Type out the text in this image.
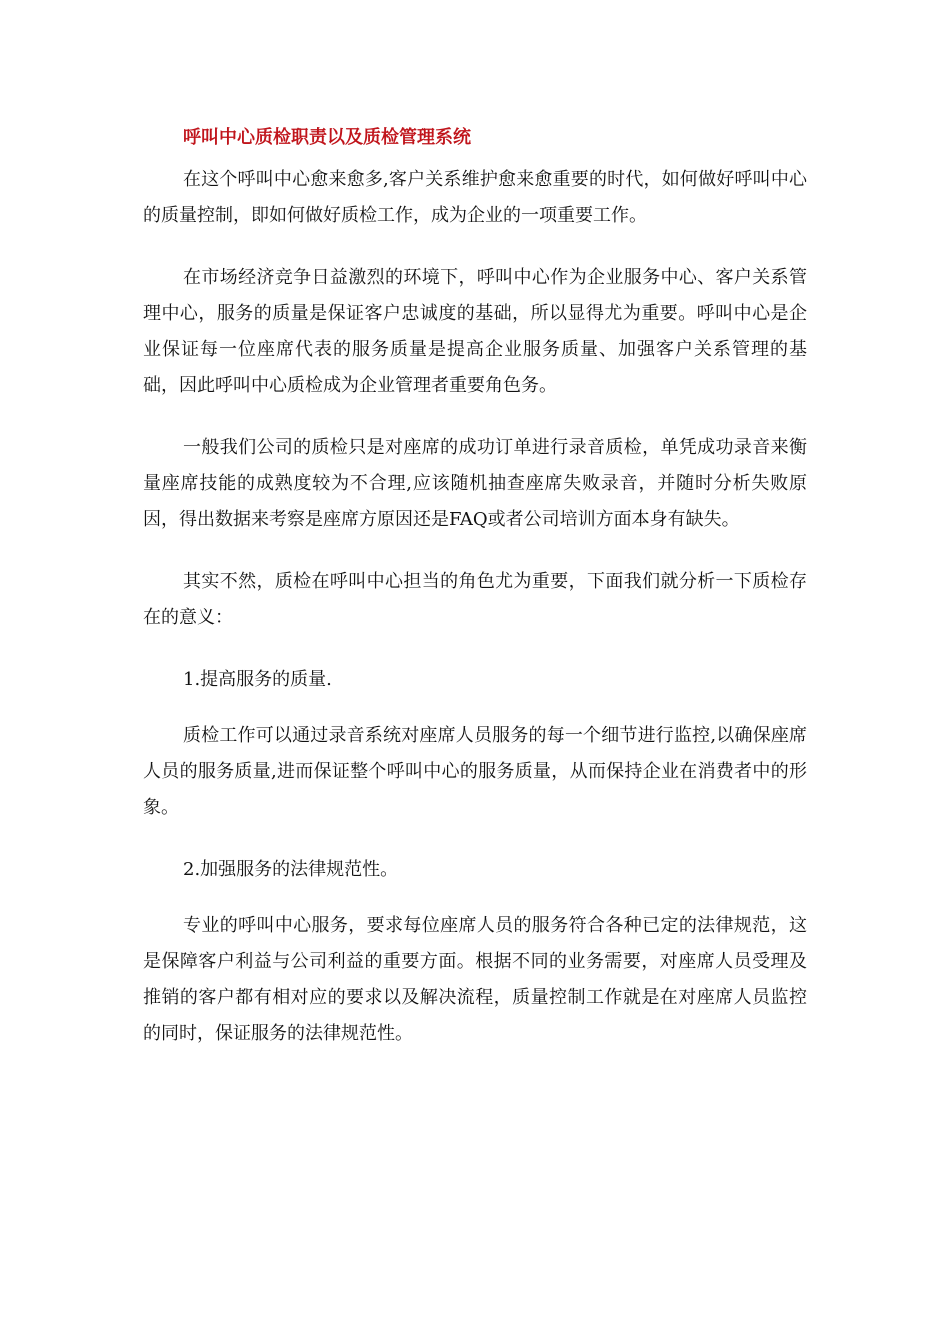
呼叫中心质检职责以及质检管理系统

在这个呼叫中心愈来愈多,客户关系维护愈来愈重要的时代，如何做好呼叫中心的质量控制，即如何做好质检工作，成为企业的一项重要工作。

在市场经济竞争日益激烈的环境下，呼叫中心作为企业服务中心、客户关系管理中心，服务的质量是保证客户忠诚度的基础，所以显得尤为重要。呼叫中心是企业保证每一位座席代表的服务质量是提高企业服务质量、加强客户关系管理的基础，因此呼叫中心质检成为企业管理者重要角色务。

一般我们公司的质检只是对座席的成功订单进行录音质检，单凭成功录音来衡量座席技能的成熟度较为不合理,应该随机抽查座席失败录音，并随时分析失败原因，得出数据来考察是座席方原因还是FAQ或者公司培训方面本身有缺失。

其实不然，质检在呼叫中心担当的角色尤为重要，下面我们就分析一下质检存在的意义：

1.提高服务的质量.

质检工作可以通过录音系统对座席人员服务的每一个细节进行监控,以确保座席人员的服务质量,进而保证整个呼叫中心的服务质量，从而保持企业在消费者中的形象。

2.加强服务的法律规范性。

专业的呼叫中心服务，要求每位座席人员的服务符合各种已定的法律规范，这是保障客户利益与公司利益的重要方面。根据不同的业务需要，对座席人员受理及推销的客户都有相对应的要求以及解决流程，质量控制工作就是在对座席人员监控的同时，保证服务的法律规范性。
